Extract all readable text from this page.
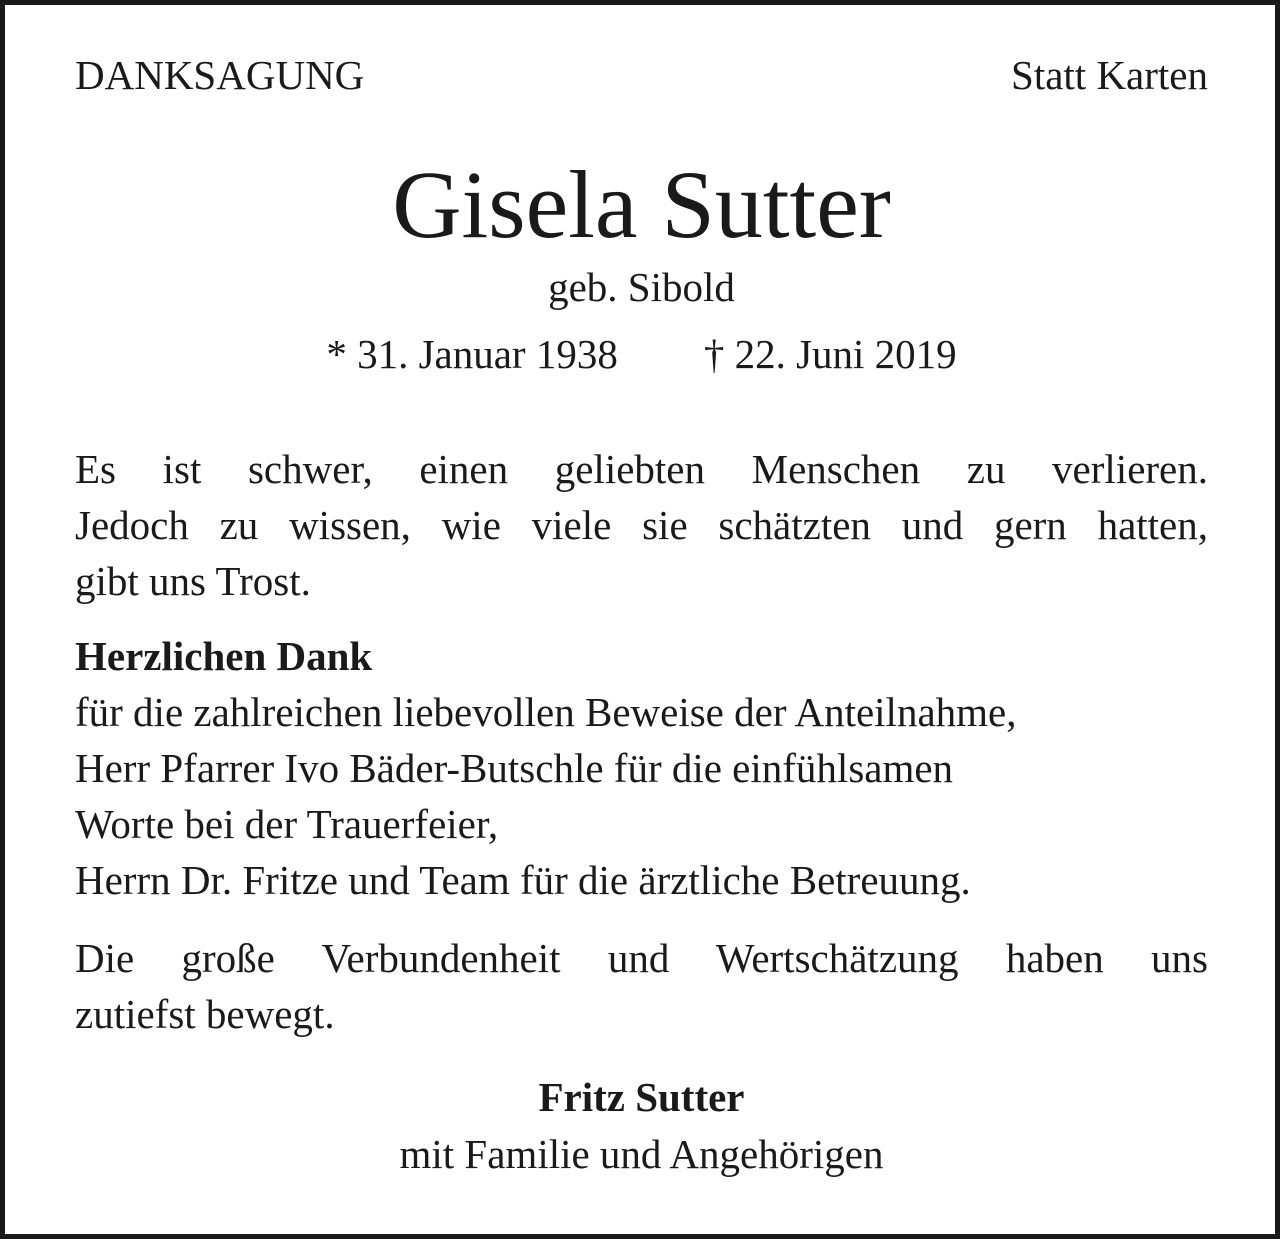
DANKSAGUNG	Statt Karten
Gisela Sutter
geb. Sibold
* 31. Januar 1938 † 22. Juni 2019
Es ist schwer, einen geliebten Menschen zu verlieren.
Jedoch zu wissen, wie viele sie schätzten und gern hatten,
gibt uns Trost.
Herzlichen Dank
für die zahlreichen liebevollen Beweise der Anteilnahme,
Herr Pfarrer Ivo Bäder-Butschle für die einfühlsamen
Worte bei der Trauerfeier,
Herrn Dr. Fritze und Team für die ärztliche Betreuung.
Die große Verbundenheit und Wertschätzung haben uns
zutiefst bewegt.
Fritz Sutter
mit Familie und Angehörigen
